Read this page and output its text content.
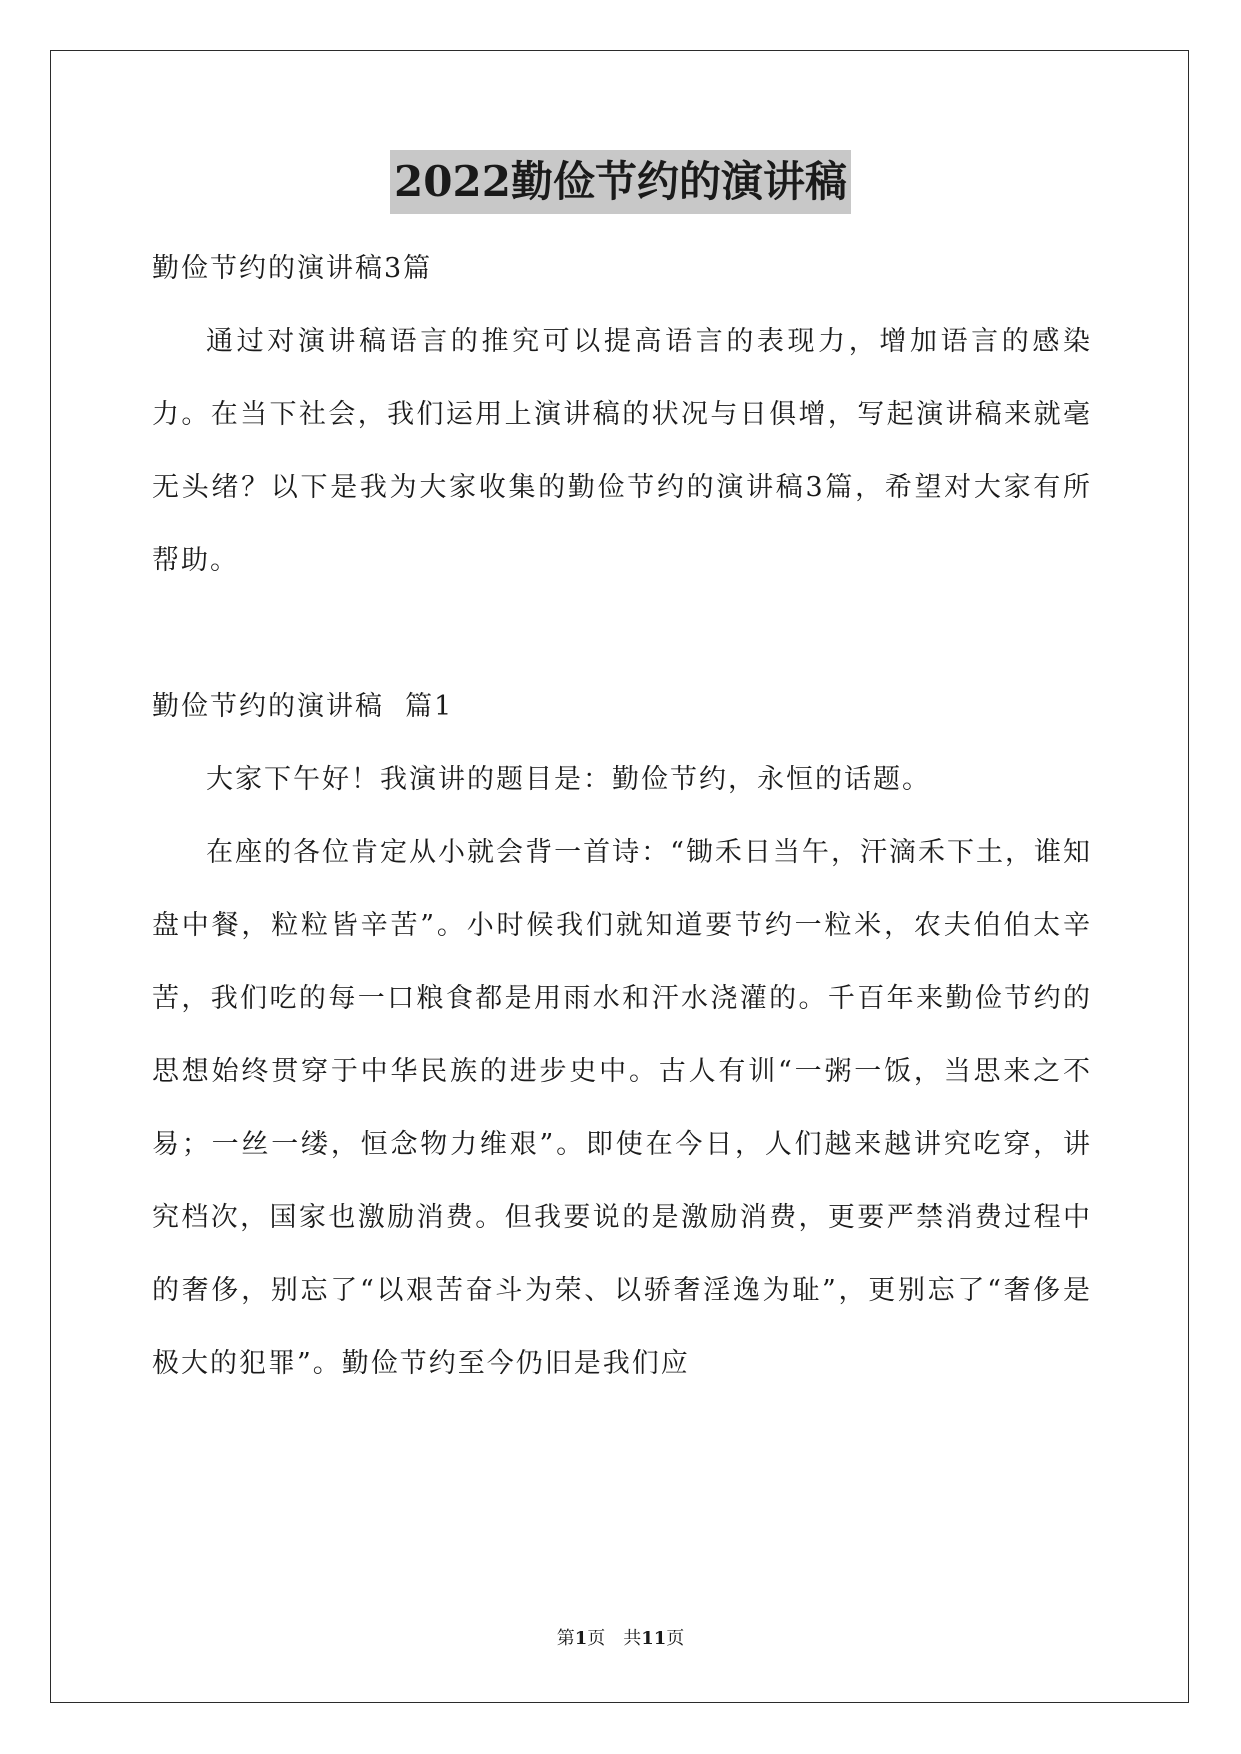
2022勤俭节约的演讲稿

勤俭节约的演讲稿3篇

通过对演讲稿语言的推究可以提高语言的表现力，增加语言的感染力。在当下社会，我们运用上演讲稿的状况与日俱增，写起演讲稿来就毫无头绪？以下是我为大家收集的勤俭节约的演讲稿3篇，希望对大家有所帮助。

勤俭节约的演讲稿  篇1

大家下午好！我演讲的题目是：勤俭节约，永恒的话题。

在座的各位肯定从小就会背一首诗：“锄禾日当午，汗滴禾下土，谁知盘中餐，粒粒皆辛苦”。小时候我们就知道要节约一粒米，农夫伯伯太辛苦，我们吃的每一口粮食都是用雨水和汗水浇灌的。千百年来勤俭节约的思想始终贯穿于中华民族的进步史中。古人有训“一粥一饭，当思来之不易；一丝一缕，恒念物力维艰”。即使在今日，人们越来越讲究吃穿，讲究档次，国家也激励消费。但我要说的是激励消费，更要严禁消费过程中的奢侈，别忘了“以艰苦奋斗为荣、以骄奢淫逸为耻”，更别忘了“奢侈是极大的犯罪”。勤俭节约至今仍旧是我们应

第1页　共11页
